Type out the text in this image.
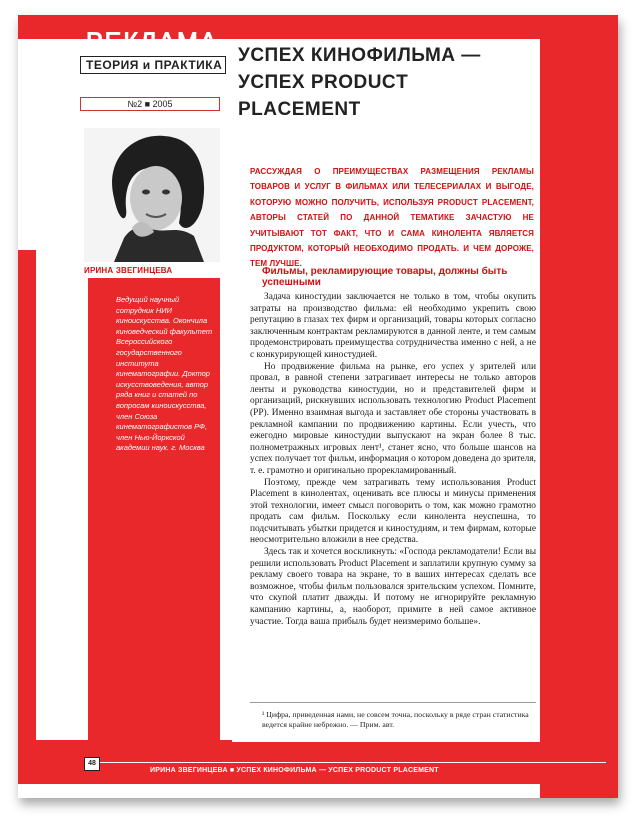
РЕКЛАМА
ТЕОРИЯ и ПРАКТИКА
№2 ■ 2005
ИРИНА ЗВЕГИНЦЕВА
Ведущий научный сотрудник НИИ киноискусства. Окончила киноведческий факультет Всероссийского государственного института кинематографии. Доктор искусствоведения, автор ряда книг и статей по вопросам киноискусства, член Союза кинематографистов РФ, член Нью-Йоркской академии наук. г. Москва
УСПЕХ КИНОФИЛЬМА — УСПЕХ PRODUCT PLACEMENT
РАССУЖДАЯ О ПРЕИМУЩЕСТВАХ РАЗМЕЩЕНИЯ РЕКЛАМЫ ТОВАРОВ И УСЛУГ В ФИЛЬМАХ ИЛИ ТЕЛЕСЕРИАЛАХ И ВЫГОДЕ, КОТОРУЮ МОЖНО ПОЛУЧИТЬ, ИСПОЛЬЗУЯ PRODUCT PLACEMENT, АВТОРЫ СТАТЕЙ ПО ДАННОЙ ТЕМАТИКЕ ЗАЧАСТУЮ НЕ УЧИТЫВАЮТ ТОТ ФАКТ, ЧТО И САМА КИНОЛЕНТА ЯВЛЯЕТСЯ ПРОДУКТОМ, КОТОРЫЙ НЕОБХОДИМО ПРОДАТЬ. И ЧЕМ ДОРОЖЕ, ТЕМ ЛУЧШЕ.
Фильмы, рекламирующие товары, должны быть успешными

Задача киностудии заключается не только в том, чтобы окупить затраты на производство фильма: ей необходимо укрепить свою репутацию в глазах тех фирм и организаций, товары которых согласно заключенным контрактам рекламируются в данной ленте, и тем самым продемонстрировать преимущества сотрудничества именно с ней, а не с конкурирующей киностудией.

Но продвижение фильма на рынке, его успех у зрителей или провал, в равной степени затрагивает интересы не только авторов ленты и руководства киностудии, но и представителей фирм и организаций, рискнувших использовать технологию Product Placement (PP). Именно взаимная выгода и заставляет обе стороны участвовать в рекламной кампании по продвижению картины. Если учесть, что ежегодно мировые киностудии выпускают на экран более 8 тыс. полнометражных игровых лент¹, станет ясно, что больше шансов на успех получает тот фильм, информация о котором доведена до зрителя, т. е. грамотно и оригинально прорекламированный.

Поэтому, прежде чем затрагивать тему использования Product Placement в кинолентах, оценивать все плюсы и минусы применения этой технологии, имеет смысл поговорить о том, как можно грамотно продать сам фильм. Поскольку если кинолента неуспешна, то подсчитывать убытки придется и киностудиям, и тем фирмам, которые неосмотрительно вложили в нее средства.

Здесь так и хочется воскликнуть: «Господа рекламодатели! Если вы решили использовать Product Placement и заплатили крупную сумму за рекламу своего товара на экране, то в ваших интересах сделать все возможное, чтобы фильм пользовался зрительским успехом. Помните, что скупой платит дважды. И потому не игнорируйте рекламную кампанию картины, а, наоборот, примите в ней самое активное участие. Тогда ваша прибыль будет неизмеримо больше».

¹ Цифра, приведенная нами, не совсем точна, поскольку в ряде стран статистика ведется крайне небрежно. — Прим. авт.
48
ИРИНА ЗВЕГИНЦЕВА ■ УСПЕХ КИНОФИЛЬМА — УСПЕХ PRODUCT PLACEMENT
